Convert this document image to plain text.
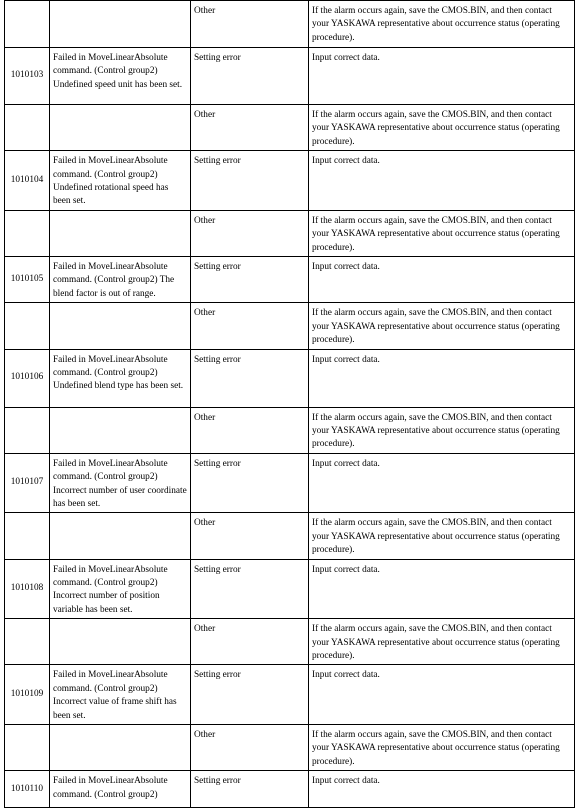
		Other	If the alarm occurs again, save the CMOS.BIN, and then contact your YASKAWA representative about occurrence status (operating procedure).
1010103	Failed in MoveLinearAbsolute command. (Control group2) Undefined speed unit has been set.	Setting error	Input correct data.
		Other	If the alarm occurs again, save the CMOS.BIN, and then contact your YASKAWA representative about occurrence status (operating procedure).
1010104	Failed in MoveLinearAbsolute command. (Control group2) Undefined rotational speed has been set.	Setting error	Input correct data.
		Other	If the alarm occurs again, save the CMOS.BIN, and then contact your YASKAWA representative about occurrence status (operating procedure).
1010105	Failed in MoveLinearAbsolute command. (Control group2) The blend factor is out of range.	Setting error	Input correct data.
		Other	If the alarm occurs again, save the CMOS.BIN, and then contact your YASKAWA representative about occurrence status (operating procedure).
1010106	Failed in MoveLinearAbsolute command. (Control group2) Undefined blend type has been set.	Setting error	Input correct data.
		Other	If the alarm occurs again, save the CMOS.BIN, and then contact your YASKAWA representative about occurrence status (operating procedure).
1010107	Failed in MoveLinearAbsolute command. (Control group2) Incorrect number of user coordinate has been set.	Setting error	Input correct data.
		Other	If the alarm occurs again, save the CMOS.BIN, and then contact your YASKAWA representative about occurrence status (operating procedure).
1010108	Failed in MoveLinearAbsolute command. (Control group2) Incorrect number of position variable has been set.	Setting error	Input correct data.
		Other	If the alarm occurs again, save the CMOS.BIN, and then contact your YASKAWA representative about occurrence status (operating procedure).
1010109	Failed in MoveLinearAbsolute command. (Control group2) Incorrect value of frame shift has been set.	Setting error	Input correct data.
		Other	If the alarm occurs again, save the CMOS.BIN, and then contact your YASKAWA representative about occurrence status (operating procedure).
1010110	Failed in MoveLinearAbsolute command. (Control group2)	Setting error	Input correct data.
